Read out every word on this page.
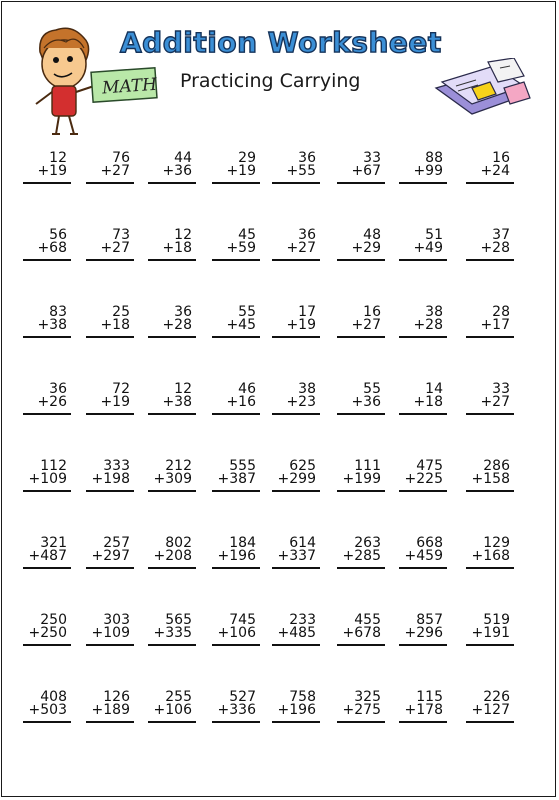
MATH
Addition Worksheet
Practicing Carrying
12
+19
76
+27
44
+36
29
+19
36
+55
33
+67
88
+99
16
+24
56
+68
73
+27
12
+18
45
+59
36
+27
48
+29
51
+49
37
+28
83
+38
25
+18
36
+28
55
+45
17
+19
16
+27
38
+28
28
+17
36
+26
72
+19
12
+38
46
+16
38
+23
55
+36
14
+18
33
+27
112
+109
333
+198
212
+309
555
+387
625
+299
111
+199
475
+225
286
+158
321
+487
257
+297
802
+208
184
+196
614
+337
263
+285
668
+459
129
+168
250
+250
303
+109
565
+335
745
+106
233
+485
455
+678
857
+296
519
+191
408
+503
126
+189
255
+106
527
+336
758
+196
325
+275
115
+178
226
+127
